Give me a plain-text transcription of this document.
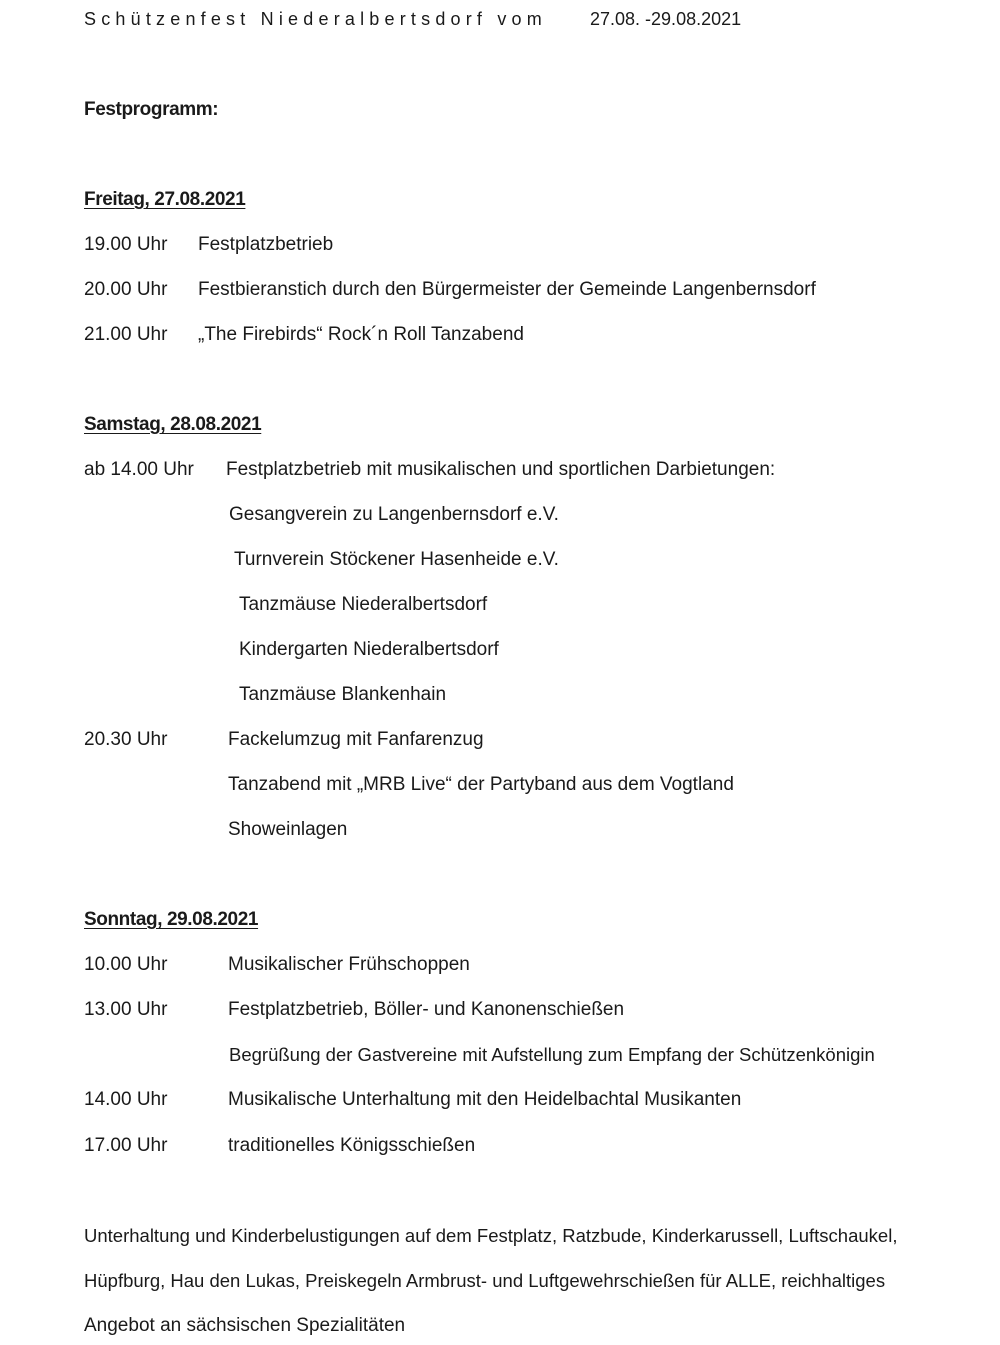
Schützenfest Niederalbertsdorf vom 27.08. -29.08.2021
Festprogramm:
Freitag, 27.08.2021
19.00 Uhr Festplatzbetrieb
20.00 Uhr Festbieranstich durch den Bürgermeister der Gemeinde Langenbernsdorf
21.00 Uhr „The Firebirds“ Rock´n Roll Tanzabend
Samstag, 28.08.2021
ab 14.00 Uhr Festplatzbetrieb mit musikalischen und sportlichen Darbietungen:
Gesangverein zu Langenbernsdorf e.V.
Turnverein Stöckener Hasenheide e.V.
Tanzmäuse Niederalbertsdorf
Kindergarten Niederalbertsdorf
Tanzmäuse Blankenhain
20.30 Uhr	Fackelumzug mit Fanfarenzug
Tanzabend mit „MRB Live“ der Partyband aus dem Vogtland
Showeinlagen
Sonntag, 29.08.2021
10.00 Uhr	Musikalischer Frühschoppen
13.00 Uhr	Festplatzbetrieb, Böller- und Kanonenschießen
Begrüßung der Gastvereine mit Aufstellung zum Empfang der Schützenkönigin
14.00 Uhr	Musikalische Unterhaltung mit den Heidelbachtal Musikanten
17.00 Uhr	traditionelles Königsschießen
Unterhaltung und Kinderbelustigungen auf dem Festplatz, Ratzbude, Kinderkarussell, Luftschaukel,
Hüpfburg, Hau den Lukas, Preiskegeln Armbrust- und Luftgewehrschießen für ALLE, reichhaltiges
Angebot an sächsischen Spezialitäten
